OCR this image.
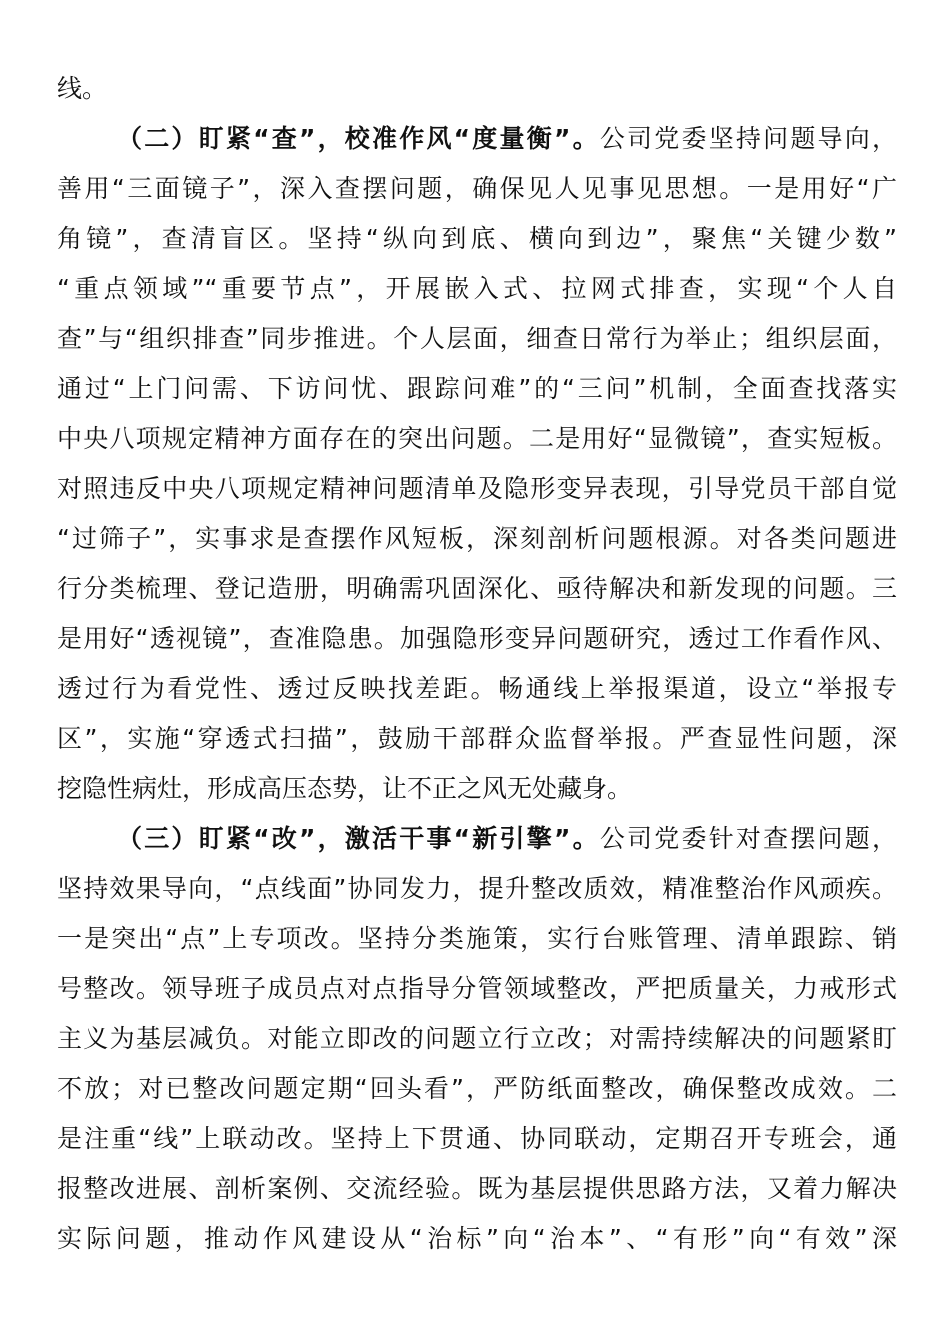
线。
（二）盯紧“查”，校准作风“度量衡”。公司党委坚持问题导向，
善用“三面镜子”，深入查摆问题，确保见人见事见思想。一是用好“广
角镜”，查清盲区。坚持“纵向到底、横向到边”，聚焦“关键少数”
“重点领域”“重要节点”，开展嵌入式、拉网式排查，实现“个人自
查”与“组织排查”同步推进。个人层面，细查日常行为举止；组织层面，
通过“上门问需、下访问忧、跟踪问难”的“三问”机制，全面查找落实
中央八项规定精神方面存在的突出问题。二是用好“显微镜”，查实短板。
对照违反中央八项规定精神问题清单及隐形变异表现，引导党员干部自觉
“过筛子”，实事求是查摆作风短板，深刻剖析问题根源。对各类问题进
行分类梳理、登记造册，明确需巩固深化、亟待解决和新发现的问题。三
是用好“透视镜”，查准隐患。加强隐形变异问题研究，透过工作看作风、
透过行为看党性、透过反映找差距。畅通线上举报渠道，设立“举报专
区”，实施“穿透式扫描”，鼓励干部群众监督举报。严查显性问题，深
挖隐性病灶，形成高压态势，让不正之风无处藏身。
（三）盯紧“改”，激活干事“新引擎”。公司党委针对查摆问题，
坚持效果导向，“点线面”协同发力，提升整改质效，精准整治作风顽疾。
一是突出“点”上专项改。坚持分类施策，实行台账管理、清单跟踪、销
号整改。领导班子成员点对点指导分管领域整改，严把质量关，力戒形式
主义为基层减负。对能立即改的问题立行立改；对需持续解决的问题紧盯
不放；对已整改问题定期“回头看”，严防纸面整改，确保整改成效。二
是注重“线”上联动改。坚持上下贯通、协同联动，定期召开专班会，通
报整改进展、剖析案例、交流经验。既为基层提供思路方法，又着力解决
实际问题，推动作风建设从“治标”向“治本”、“有形”向“有效”深
